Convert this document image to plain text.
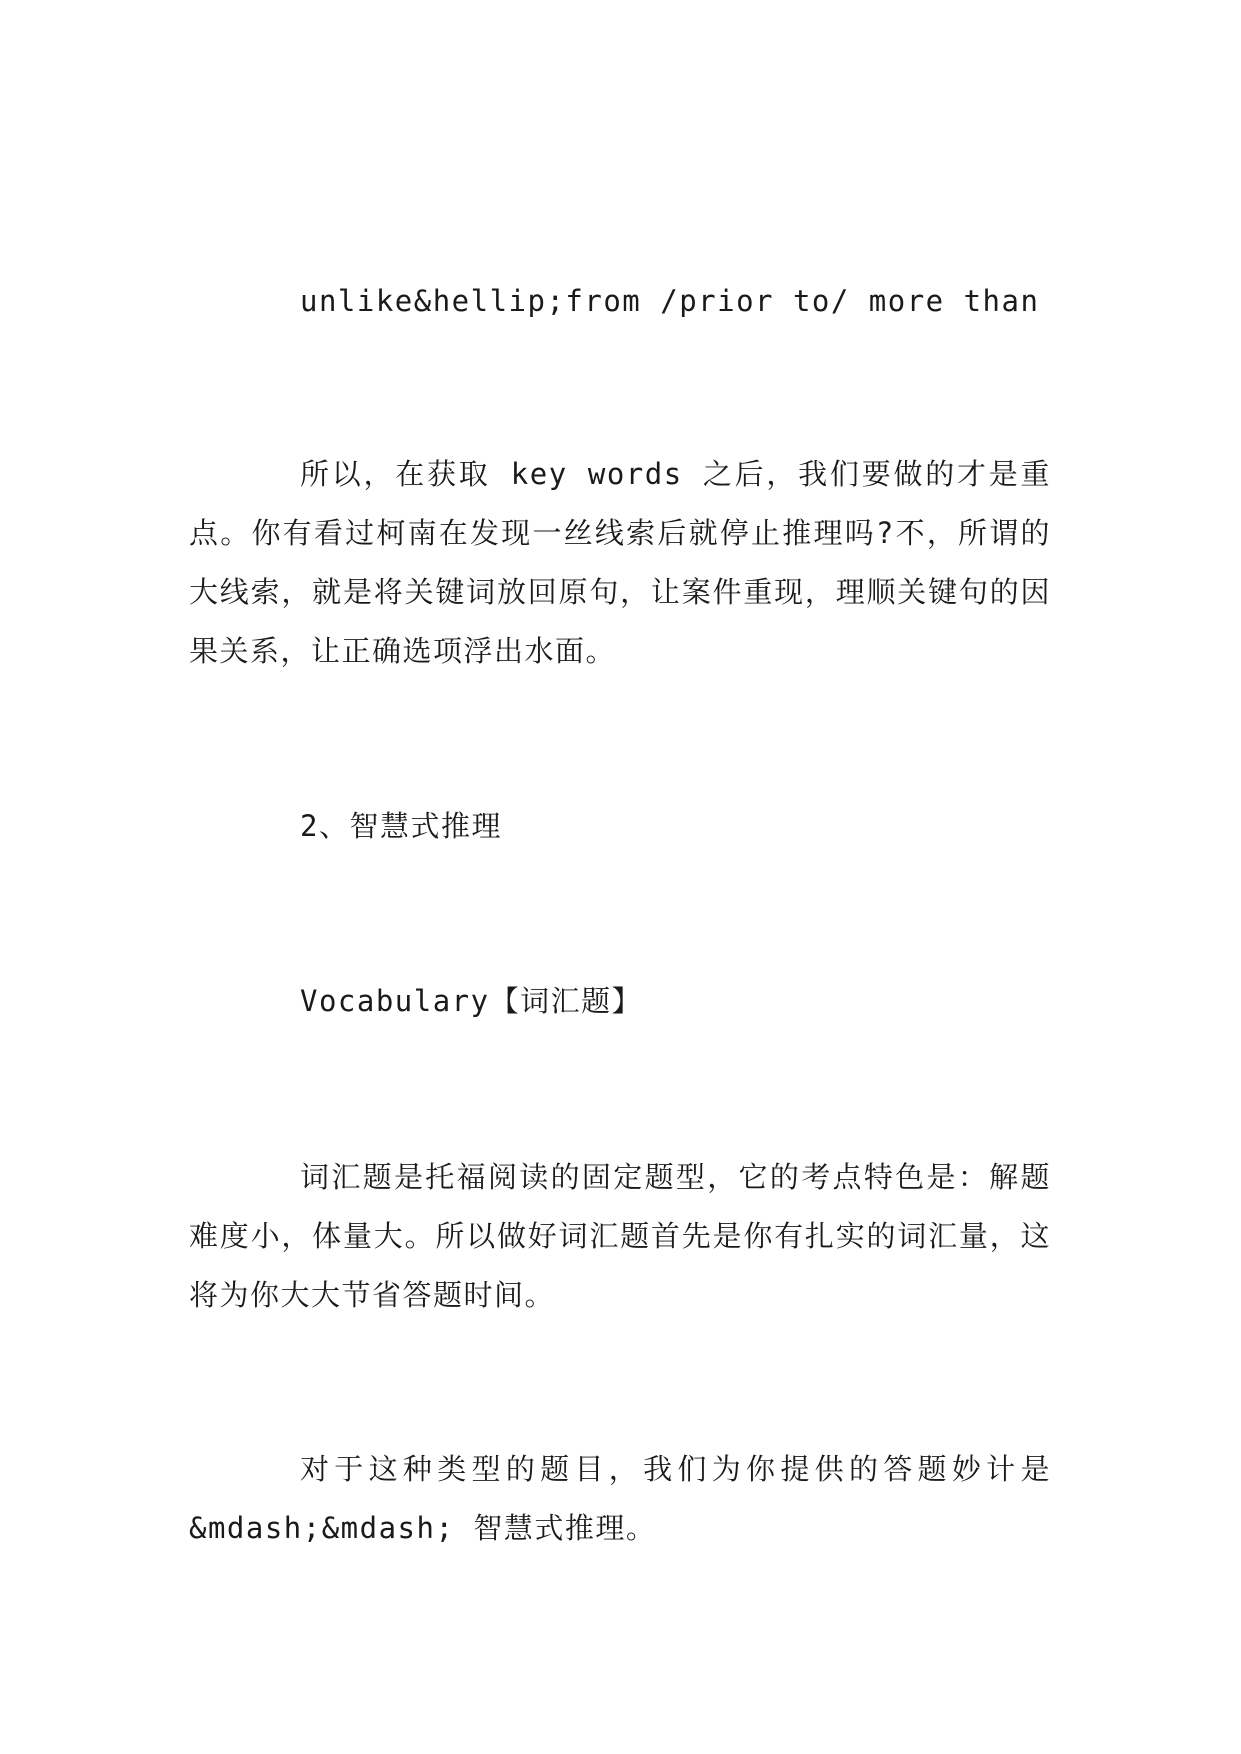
unlike&hellip;from /prior to/ more than

所以，在获取 key words 之后，我们要做的才是重点。你有看过柯南在发现一丝线索后就停止推理吗?不，所谓的大线索，就是将关键词放回原句，让案件重现，理顺关键句的因果关系，让正确选项浮出水面。

2、智慧式推理

Vocabulary【词汇题】

词汇题是托福阅读的固定题型，它的考点特色是：解题难度小，体量大。所以做好词汇题首先是你有扎实的词汇量，这将为你大大节省答题时间。

对于这种类型的题目，我们为你提供的答题妙计是&mdash;&mdash; 智慧式推理。
